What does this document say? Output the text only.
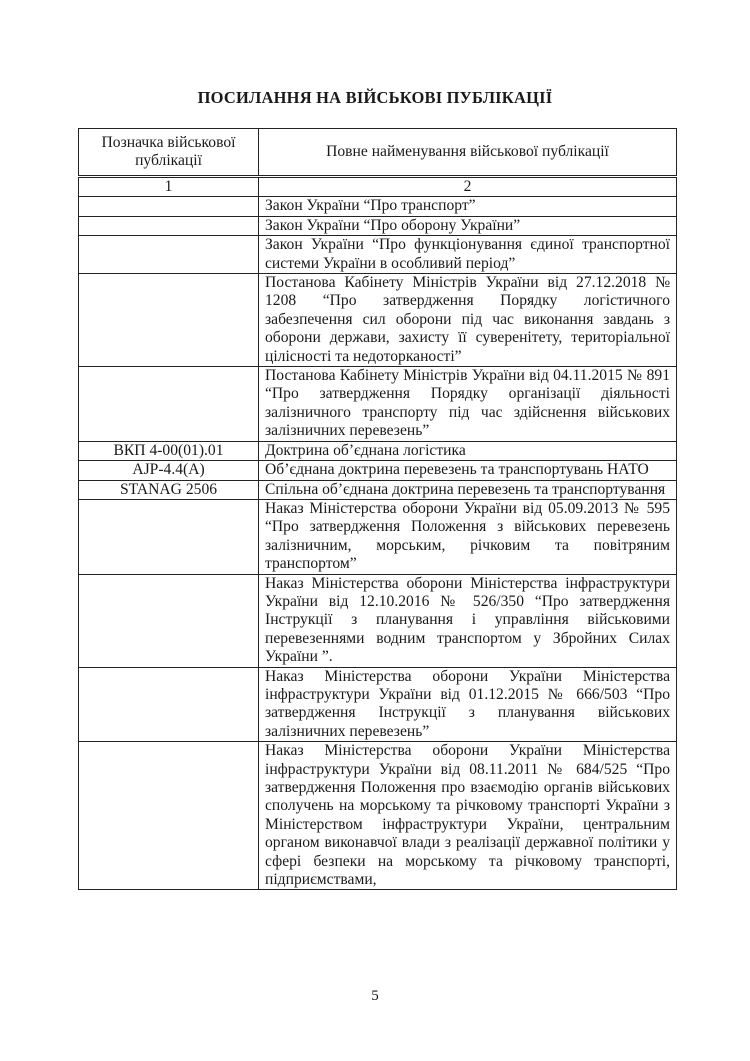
ПОСИЛАННЯ НА ВІЙСЬКОВІ ПУБЛІКАЦІЇ
Позначка військової публікації	Повне найменування військової публікації
1	2
	Закон України “Про транспорт”
	Закон України “Про оборону України”
	Закон України “Про функціонування єдиної транспортної системи України в особливий період”
	Постанова Кабінету Міністрів України від 27.12.2018 № 1208 “Про затвердження Порядку логістичного забезпечення сил оборони під час виконання завдань з оборони держави, захисту її суверенітету, територіальної цілісності та недоторканості”
	Постанова Кабінету Міністрів України від 04.11.2015 № 891 “Про затвердження Порядку організації діяльності залізничного транспорту під час здійснення військових залізничних перевезень”
ВКП 4-00(01).01	Доктрина об’єднана логістика
AJP-4.4(A)	Об’єднана доктрина перевезень та транспортувань НАТО
STANAG 2506	Спільна об’єднана доктрина перевезень та транспортування
	Наказ Міністерства оборони України від 05.09.2013 № 595 “Про затвердження Положення з військових перевезень залізничним, морським, річковим та повітряним транспортом”
	Наказ Міністерства оборони Міністерства інфраструктури України від 12.10.2016 № 526/350 “Про затвердження Інструкції з планування і управління військовими перевезеннями водним транспортом у Збройних Силах України ”.
	Наказ Міністерства оборони України Міністерства інфраструктури України від 01.12.2015 № 666/503 “Про затвердження Інструкції з планування військових залізничних перевезень”
	Наказ Міністерства оборони України Міністерства інфраструктури України від 08.11.2011 № 684/525 “Про затвердження Положення про взаємодію органів військових сполучень на морському та річковому транспорті України з Міністерством інфраструктури України, центральним органом виконавчої влади з реалізації державної політики у сфері безпеки на морському та річковому транспорті, підприємствами,
5
